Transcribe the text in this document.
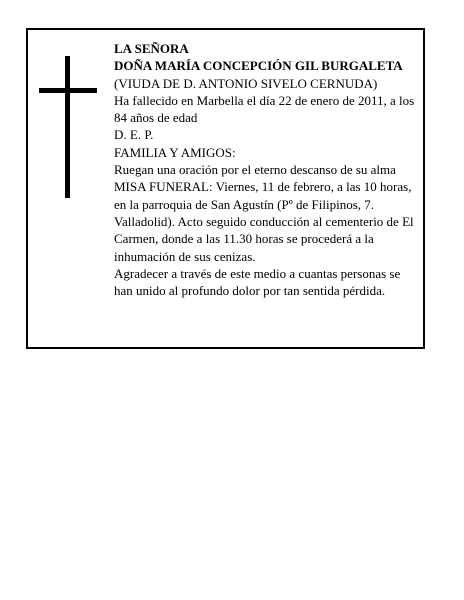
LA SEÑORA

DOÑA MARÍA CONCEPCIÓN GIL BURGALETA

(VIUDA DE D. ANTONIO SIVELO CERNUDA)

Ha fallecido en Marbella el día 22 de enero de 2011, a los 84 años de edad

D. E. P.

FAMILIA Y AMIGOS:

Ruegan una oración por el eterno descanso de su alma

MISA FUNERAL: Viernes, 11 de febrero, a las 10 horas, en la parroquia de San Agustín (Pº de Filipinos, 7. Valladolid). Acto seguido conducción al cementerio de El Carmen, donde a las 11.30 horas se procederá a la inhumación de sus cenizas.

Agradecer a través de este medio a cuantas personas se han unido al profundo dolor por tan sentida pérdida.
